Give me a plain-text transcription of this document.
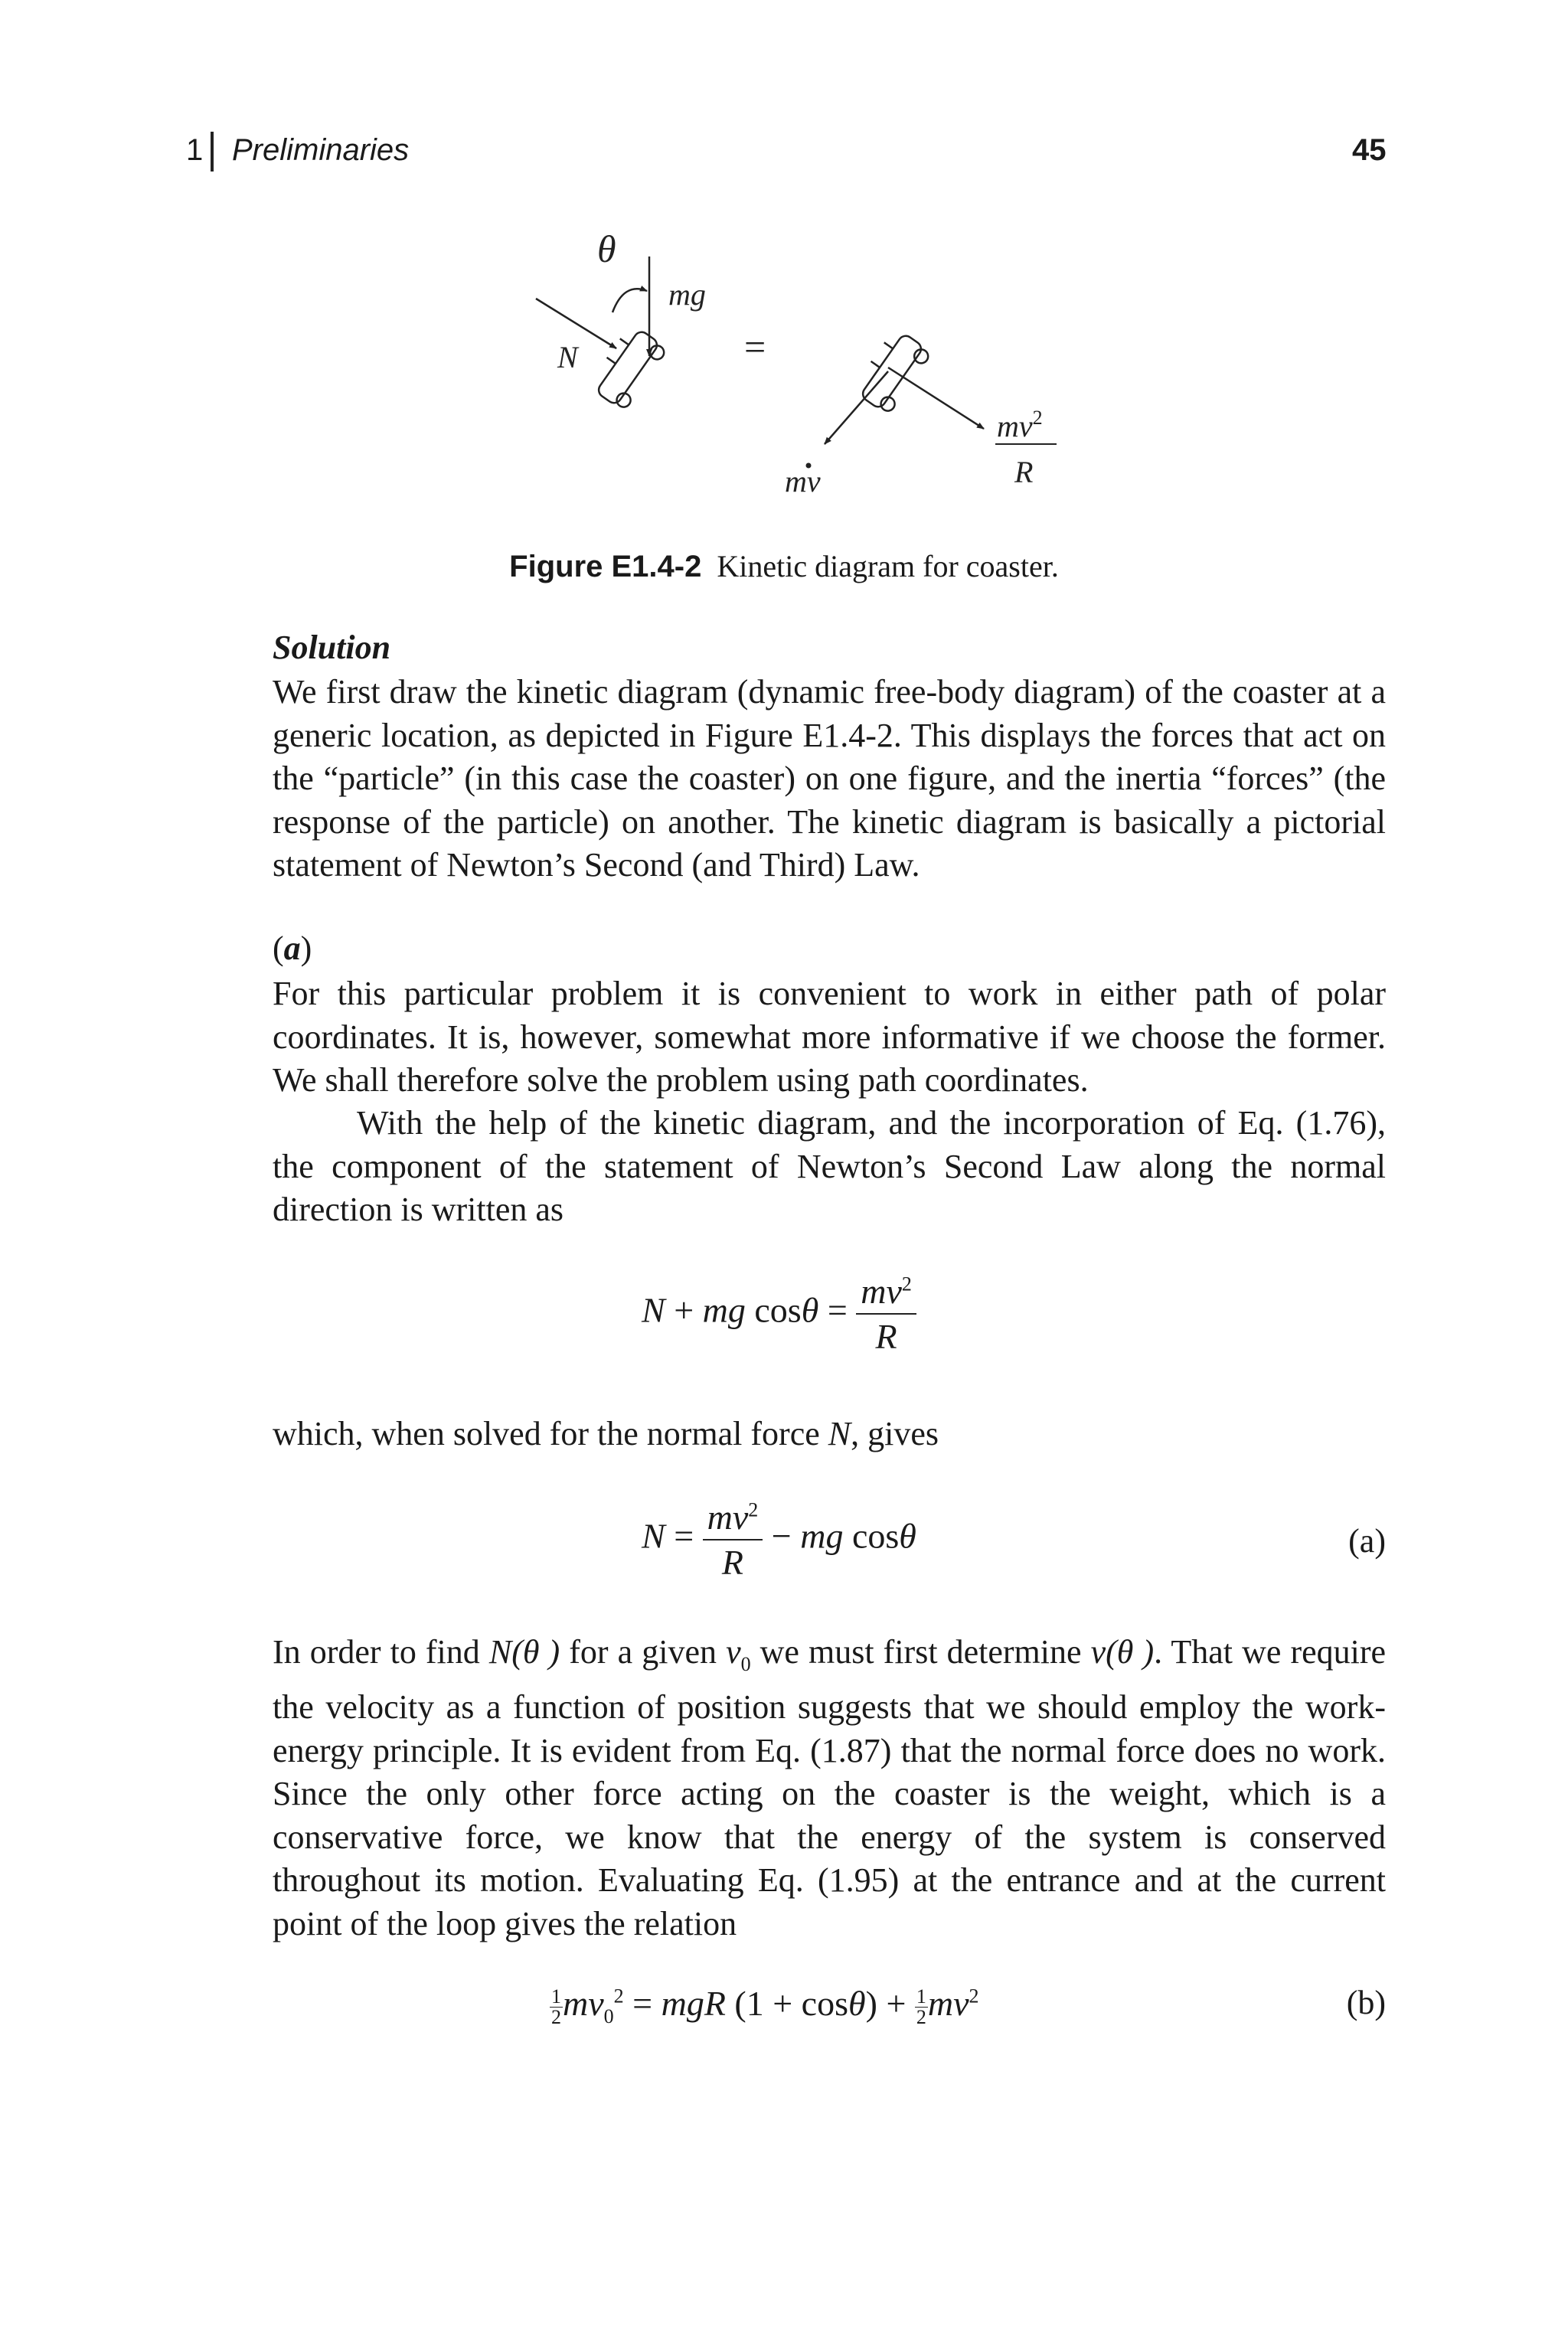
1 Preliminaries	45
θ
mg
N	=
$mv^2$
R
mv
Figure E1.4-2 Kinetic diagram for coaster.
Solution

We first draw the kinetic diagram (dynamic free-body diagram) of the coaster at a generic location, as depicted in Figure E1.4-2. This displays the forces that act on the “particle” (in this case the coaster) on one figure, and the inertia “forces” (the response of the particle) on another. The kinetic diagram is basically a pictorial statement of Newton’s Second (and Third) Law.

(a)

For this particular problem it is convenient to work in either path of polar coordinates. It is, however, somewhat more informative if we choose the former. We shall therefore solve the problem using path coordinates.

With the help of the kinetic diagram, and the incorporation of Eq. (1.76), the component of the statement of Newton’s Second Law along the normal direction is written as

N + mg $\cos\theta = \frac{mv^2}{R}$

which, when solved for the normal force N, gives

$N = \frac{mv^2}{R}$ − mg cosθ	(a)

In order to find N(θ ) for a given $v_0$ we must first determine v(θ ). That we require the velocity as a function of position suggests that we should employ the work-energy principle. It is evident from Eq. (1.87) that the normal force does no work. Since the only other force acting on the coaster is the weight, which is a conservative force, we know that the energy of the system is conserved throughout its motion. Evaluating Eq. (1.95) at the entrance and at the current point of the loop gives the relation

$\frac{1}{2} mv_0^2$ = mgR $(1 + \cos\theta) + \frac{1}{2} mv^2$	(b)
